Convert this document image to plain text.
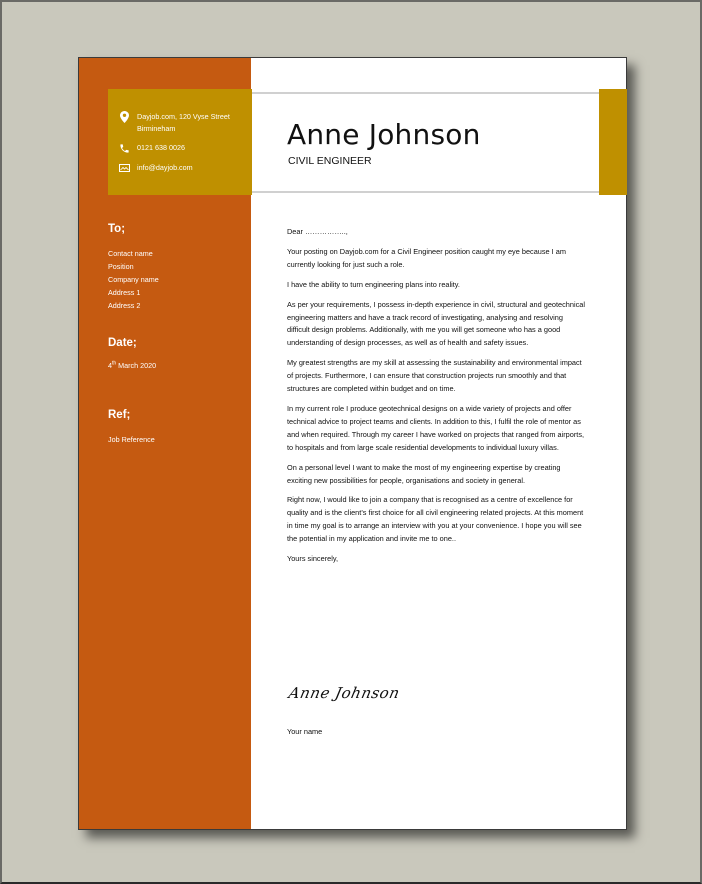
Dayjob.com, 120 Vyse Street Birmineham
0121 638 0026
info@dayjob.com
To;
Contact name
Position
Company name
Address 1
Address 2
Date;
4th March 2020
Ref;
Job Reference
Anne Johnson
CIVIL ENGINEER

Dear ……………..,

Your posting on Dayjob.com for a Civil Engineer position caught my eye because I am currently looking for just such a role.

I have the ability to turn engineering plans into reality.

As per your requirements, I possess in-depth experience in civil, structural and geotechnical engineering matters and have a track record of investigating, analysing and resolving difficult design problems. Additionally, with me you will get someone who has a good understanding of design processes, as well as of health and safety issues.

My greatest strengths are my skill at assessing the sustainability and environmental impact of projects. Furthermore, I can ensure that construction projects run smoothly and that structures are completed within budget and on time.

In my current role I produce geotechnical designs on a wide variety of projects and offer technical advice to project teams and clients. In addition to this, I fulfil the role of mentor as and when required. Through my career I have worked on projects that ranged from airports, to hospitals and from large scale residential developments to individual luxury villas.

On a personal level I want to make the most of my engineering expertise by creating exciting new possibilities for people, organisations and society in general.

Right now, I would like to join a company that is recognised as a centre of excellence for quality and is the client’s first choice for all civil engineering related projects. At this moment in time my goal is to arrange an interview with you at your convenience. I hope you will see the potential in my application and invite me to one..

Yours sincerely,

Anne Johnson
Your name
